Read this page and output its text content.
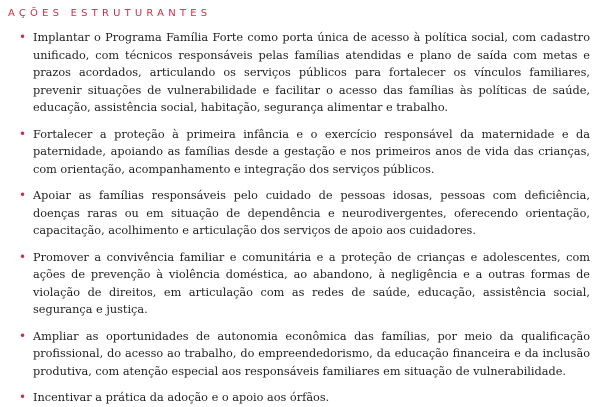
AÇÕES ESTRUTURANTES
• Implantar o Programa Família Forte como porta única de acesso à política social, com cadastro unificado, com técnicos responsáveis pelas famílias atendidas e plano de saída com metas e prazos acordados, articulando os serviços públicos para fortalecer os vínculos familiares, prevenir situações de vulnerabilidade e facilitar o acesso das famílias às políticas de saúde, educação, assistência social, habitação, segurança alimentar e trabalho.
• Fortalecer a proteção à primeira infância e o exercício responsável da maternidade e da paternidade, apoiando as famílias desde a gestação e nos primeiros anos de vida das crianças, com orientação, acompanhamento e integração dos serviços públicos.
• Apoiar as famílias responsáveis pelo cuidado de pessoas idosas, pessoas com deficiência, doenças raras ou em situação de dependência e neurodivergentes, oferecendo orientação, capacitação, acolhimento e articulação dos serviços de apoio aos cuidadores.
• Promover a convivência familiar e comunitária e a proteção de crianças e adolescentes, com ações de prevenção à violência doméstica, ao abandono, à negligência e a outras formas de violação de direitos, em articulação com as redes de saúde, educação, assistência social, segurança e justiça.
• Ampliar as oportunidades de autonomia econômica das famílias, por meio da qualificação profissional, do acesso ao trabalho, do empreendedorismo, da educação financeira e da inclusão produtiva, com atenção especial aos responsáveis familiares em situação de vulnerabilidade.
• Incentivar a prática da adoção e o apoio aos órfãos.
